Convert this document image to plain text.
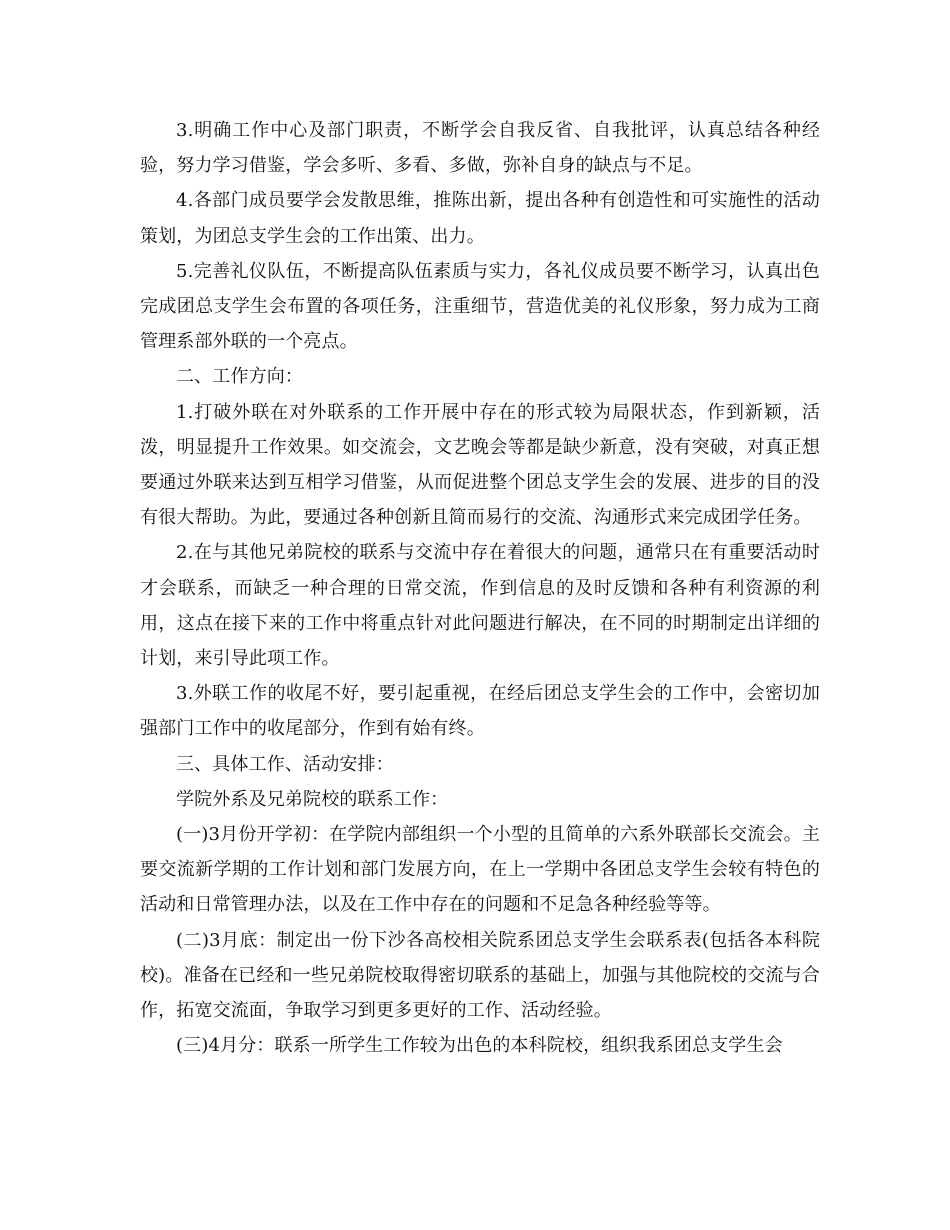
3.明确工作中心及部门职责，不断学会自我反省、自我批评，认真总结各种经验，努力学习借鉴，学会多听、多看、多做，弥补自身的缺点与不足。

4.各部门成员要学会发散思维，推陈出新，提出各种有创造性和可实施性的活动策划，为团总支学生会的工作出策、出力。

5.完善礼仪队伍，不断提高队伍素质与实力，各礼仪成员要不断学习，认真出色完成团总支学生会布置的各项任务，注重细节，营造优美的礼仪形象，努力成为工商管理系部外联的一个亮点。

二、工作方向：

1.打破外联在对外联系的工作开展中存在的形式较为局限状态，作到新颖，活泼，明显提升工作效果。如交流会，文艺晚会等都是缺少新意，没有突破，对真正想要通过外联来达到互相学习借鉴，从而促进整个团总支学生会的发展、进步的目的没有很大帮助。为此，要通过各种创新且简而易行的交流、沟通形式来完成团学任务。

2.在与其他兄弟院校的联系与交流中存在着很大的问题，通常只在有重要活动时才会联系，而缺乏一种合理的日常交流，作到信息的及时反馈和各种有利资源的利用，这点在接下来的工作中将重点针对此问题进行解决，在不同的时期制定出详细的计划，来引导此项工作。

3.外联工作的收尾不好，要引起重视，在经后团总支学生会的工作中，会密切加强部门工作中的收尾部分，作到有始有终。

三、具体工作、活动安排：

学院外系及兄弟院校的联系工作：

(一)3月份开学初：在学院内部组织一个小型的且简单的六系外联部长交流会。主要交流新学期的工作计划和部门发展方向，在上一学期中各团总支学生会较有特色的活动和日常管理办法，以及在工作中存在的问题和不足急各种经验等等。

(二)3月底：制定出一份下沙各高校相关院系团总支学生会联系表(包括各本科院校)。准备在已经和一些兄弟院校取得密切联系的基础上，加强与其他院校的交流与合作，拓宽交流面，争取学习到更多更好的工作、活动经验。

(三)4月分：联系一所学生工作较为出色的本科院校，组织我系团总支学生会
